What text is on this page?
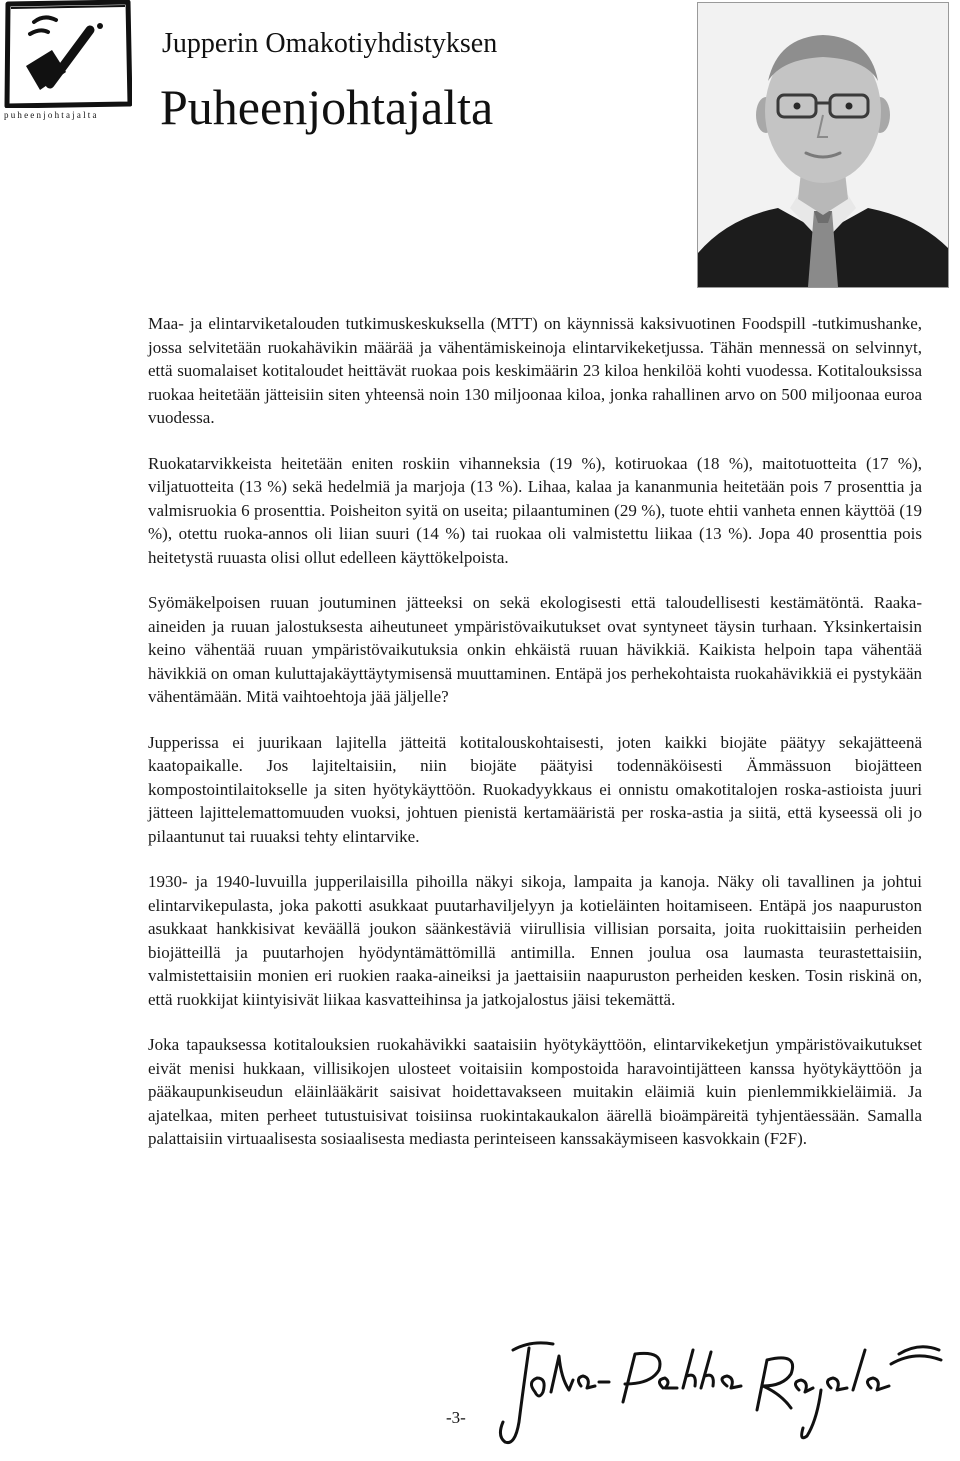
puheenjohtajalta
Jupperin Omakotiyhdistyksen
Puheenjohtajalta

Maa- ja elintarviketalouden tutkimuskeskuksella (MTT) on käynnissä kaksivuotinen Foodspill -tutkimushanke, jossa selvitetään ruokahävikin määrää ja vähentämiskeinoja elintarvikeketjussa. Tähän mennessä on selvinnyt, että suomalaiset kotitaloudet heittävät ruokaa pois keskimäärin 23 kiloa henkilöä kohti vuodessa. Kotitalouksissa ruokaa heitetään jätteisiin siten yhteensä noin 130 miljoonaa kiloa, jonka rahallinen arvo on 500 miljoonaa euroa vuodessa.

Ruokatarvikkeista heitetään eniten roskiin vihanneksia (19 %), kotiruokaa (18 %), maitotuotteita (17 %), viljatuotteita (13 %) sekä hedelmiä ja marjoja (13 %). Lihaa, kalaa ja kananmunia heitetään pois 7 prosenttia ja valmisruokia 6 prosenttia. Poisheiton syitä on useita; pilaantuminen (29 %), tuote ehtii vanheta ennen käyttöä (19 %), otettu ruoka-annos oli liian suuri (14 %) tai ruokaa oli valmistettu liikaa (13 %). Jopa 40 prosenttia pois heitetystä ruuasta olisi ollut edelleen käyttökelpoista.

Syömäkelpoisen ruuan joutuminen jätteeksi on sekä ekologisesti että taloudellisesti kestämätöntä. Raaka-aineiden ja ruuan jalostuksesta aiheutuneet ympäristövaikutukset ovat syntyneet täysin turhaan. Yksinkertaisin keino vähentää ruuan ympäristövaikutuksia onkin ehkäistä ruuan hävikkiä. Kaikista helpoin tapa vähentää hävikkiä on oman kuluttajakäyttäytymisensä muuttaminen. Entäpä jos perhekohtaista ruokahävikkiä ei pystykään vähentämään. Mitä vaihtoehtoja jää jäljelle?

Jupperissa ei juurikaan lajitella jätteitä kotitalouskohtaisesti, joten kaikki biojäte päätyy sekajätteenä kaatopaikalle. Jos lajiteltaisiin, niin biojäte päätyisi todennäköisesti Ämmässuon biojätteen kompostointilaitokselle ja siten hyötykäyttöön. Ruokadyykkaus ei onnistu omakotitalojen roska-astioista juuri jätteen lajittelemattomuuden vuoksi, johtuen pienistä kertamääristä per roska-astia ja siitä, että kyseessä oli jo pilaantunut tai ruuaksi tehty elintarvike.

1930- ja 1940-luvuilla jupperilaisilla pihoilla näkyi sikoja, lampaita ja kanoja. Näky oli tavallinen ja johtui elintarvikepulasta, joka pakotti asukkaat puutarhaviljelyyn ja kotieläinten hoitamiseen. Entäpä jos naapuruston asukkaat hankkisivat keväällä joukon säänkestäviä viirullisia villisian porsaita, joita ruokittaisiin perheiden biojätteillä ja puutarhojen hyödyntämättömillä antimilla. Ennen joulua osa laumasta teurastettaisiin, valmistettaisiin monien eri ruokien raaka-aineiksi ja jaettaisiin naapuruston perheiden kesken. Tosin riskinä on, että ruokkijat kiintyisivät liikaa kasvatteihinsa ja jatkojalostus jäisi tekemättä.

Joka tapauksessa kotitalouksien ruokahävikki saataisiin hyötykäyttöön, elintarvikeketjun ympäristövaikutukset eivät menisi hukkaan, villisikojen ulosteet voitaisiin kompostoida haravointijätteen kanssa hyötykäyttöön ja pääkaupunkiseudun eläinlääkärit saisivat hoidettavakseen muitakin eläimiä kuin pienlemmikkieläimiä. Ja ajatelkaa, miten perheet tutustuisivat toisiinsa ruokintakaukalon äärellä bioämpäreitä tyhjentäessään. Samalla palattaisiin virtuaalisesta sosiaalisesta mediasta perinteiseen kanssakäymiseen kasvokkain (F2F).

-3-
